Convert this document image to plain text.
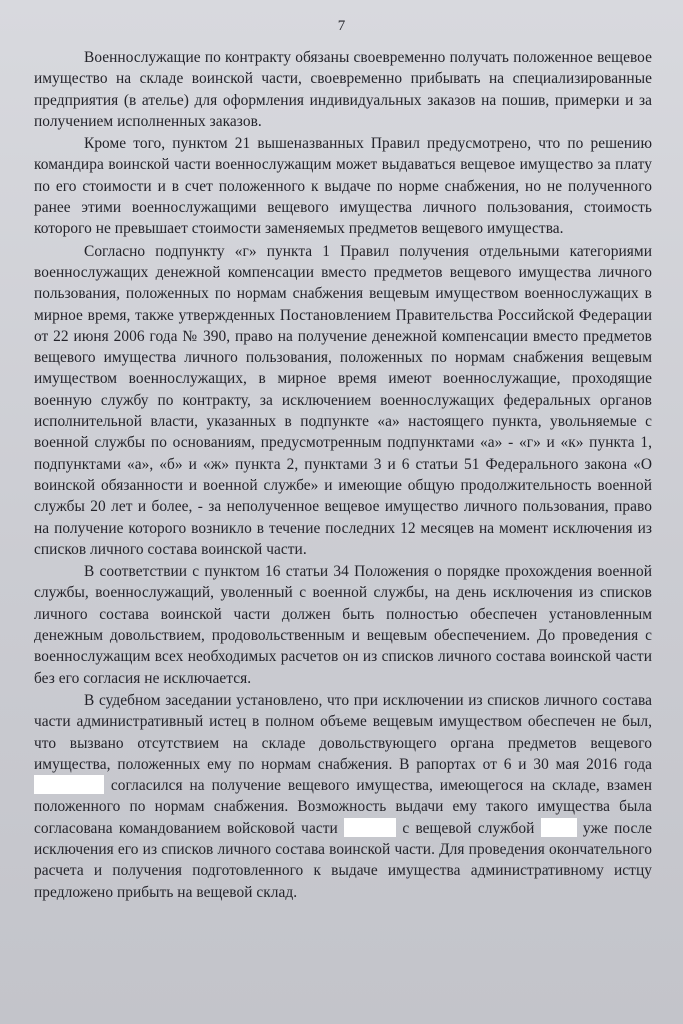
7

Военнослужащие по контракту обязаны своевременно получать положенное вещевое имущество на складе воинской части, своевременно прибывать на специализированные предприятия (в ателье) для оформления индивидуальных заказов на пошив, примерки и за получением исполненных заказов.

Кроме того, пунктом 21 вышеназванных Правил предусмотрено, что по решению командира воинской части военнослужащим может выдаваться вещевое имущество за плату по его стоимости и в счет положенного к выдаче по норме снабжения, но не полученного ранее этими военнослужащими вещевого имущества личного пользования, стоимость которого не превышает стоимости заменяемых предметов вещевого имущества.

Согласно подпункту «г» пункта 1 Правил получения отдельными категориями военнослужащих денежной компенсации вместо предметов вещевого имущества личного пользования, положенных по нормам снабжения вещевым имуществом военнослужащих в мирное время, также утвержденных Постановлением Правительства Российской Федерации от 22 июня 2006 года № 390, право на получение денежной компенсации вместо предметов вещевого имущества личного пользования, положенных по нормам снабжения вещевым имуществом военнослужащих, в мирное время имеют военнослужащие, проходящие военную службу по контракту, за исключением военнослужащих федеральных органов исполнительной власти, указанных в подпункте «а» настоящего пункта, увольняемые с военной службы по основаниям, предусмотренным подпунктами «а» - «г» и «к» пункта 1, подпунктами «а», «б» и «ж» пункта 2, пунктами 3 и 6 статьи 51 Федерального закона «О воинской обязанности и военной службе» и имеющие общую продолжительность военной службы 20 лет и более, - за неполученное вещевое имущество личного пользования, право на получение которого возникло в течение последних 12 месяцев на момент исключения из списков личного состава воинской части.

В соответствии с пунктом 16 статьи 34 Положения о порядке прохождения военной службы, военнослужащий, уволенный с военной службы, на день исключения из списков личного состава воинской части должен быть полностью обеспечен установленным денежным довольствием, продовольственным и вещевым обеспечением. До проведения с военнослужащим всех необходимых расчетов он из списков личного состава воинской части без его согласия не исключается.

В судебном заседании установлено, что при исключении из списков личного состава части административный истец в полном объеме вещевым имуществом обеспечен не был, что вызвано отсутствием на складе довольствующего органа предметов вещевого имущества, положенных ему по нормам снабжения. В рапортах от 6 и 30 мая 2016 года  согласился на получение вещевого имущества, имеющегося на складе, взамен положенного по нормам снабжения. Возможность выдачи ему такого имущества была согласована командованием войсковой части	с вещевой службой	уже после исключения его из списков личного состава воинской части. Для проведения окончательного расчета и получения подготовленного к выдаче имущества административному истцу предложено прибыть на вещевой склад.
